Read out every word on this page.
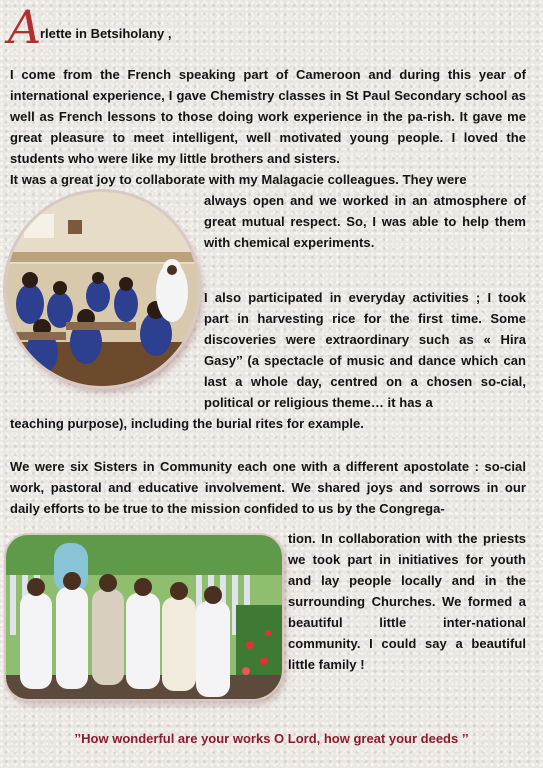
A
rlette in Betsiholany ,

I come from the French speaking part of Cameroon and during this year of international experience, I gave Chemistry classes in St Paul Secondary school as well as French lessons to those doing work experience in the pa-rish. It gave me great pleasure to meet intelligent, well motivated young people. I loved the students who were like my little brothers and sisters.

It was a great joy to collaborate with my Malagacie colleagues. They were

always open and we worked in an atmosphere of great mutual respect. So, I was able to help them with chemical experiments.

I also participated in everyday activities ; I took part in harvesting rice for the first time. Some discoveries were extraordinary such as « Hira Gasy’’ (a spectacle of music and dance which can last a whole day, centred on a chosen so-cial, political or religious theme… it has a

teaching purpose), including the burial rites for example.

We were six Sisters in Community each one with a different apostolate : so-cial work, pastoral and educative involvement. We shared joys and sorrows in our daily efforts to be true to the mission confided to us by the Congrega-

tion. In collaboration with the priests we took part in initiatives for youth and lay people locally and in the surrounding Churches. We formed a beautiful little inter-national community. I could say a beautiful little family !

’’How wonderful are your works O Lord, how great your deeds ’’
